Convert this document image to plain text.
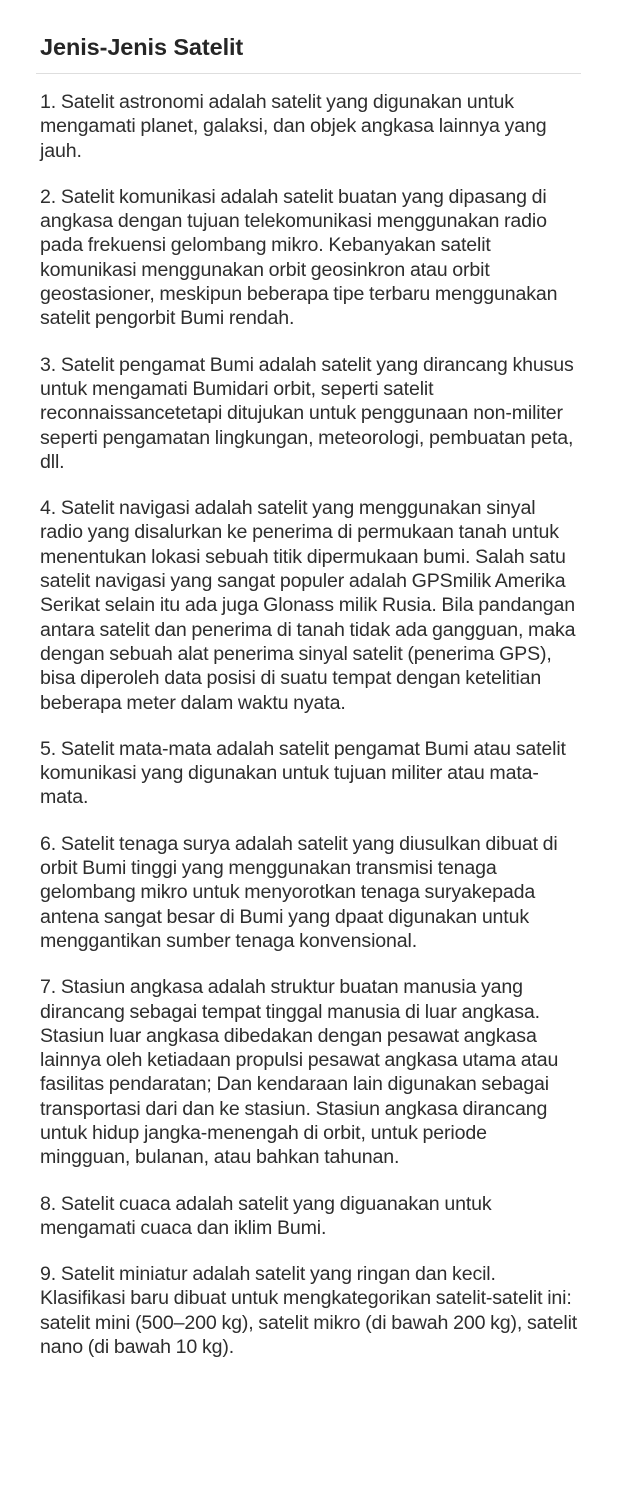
Jenis-Jenis Satelit
1. Satelit astronomi adalah satelit yang digunakan untuk mengamati planet, galaksi, dan objek angkasa lainnya yang jauh.
2. Satelit komunikasi adalah satelit buatan yang dipasang di angkasa dengan tujuan telekomunikasi menggunakan radio pada frekuensi gelombang mikro. Kebanyakan satelit komunikasi menggunakan orbit geosinkron atau orbit geostasioner, meskipun beberapa tipe terbaru menggunakan satelit pengorbit Bumi rendah.
3. Satelit pengamat Bumi adalah satelit yang dirancang khusus untuk mengamati Bumidari orbit, seperti satelit reconnaissancetetapi ditujukan untuk penggunaan non-militer seperti pengamatan lingkungan, meteorologi, pembuatan peta, dll.
4. Satelit navigasi adalah satelit yang menggunakan sinyal radio yang disalurkan ke penerima di permukaan tanah untuk menentukan lokasi sebuah titik dipermukaan bumi. Salah satu satelit navigasi yang sangat populer adalah GPSmilik Amerika Serikat selain itu ada juga Glonass milik Rusia. Bila pandangan antara satelit dan penerima di tanah tidak ada gangguan, maka dengan sebuah alat penerima sinyal satelit (penerima GPS), bisa diperoleh data posisi di suatu tempat dengan ketelitian beberapa meter dalam waktu nyata.
5. Satelit mata-mata adalah satelit pengamat Bumi atau satelit komunikasi yang digunakan untuk tujuan militer atau mata-mata.
6. Satelit tenaga surya adalah satelit yang diusulkan dibuat di orbit Bumi tinggi yang menggunakan transmisi tenaga gelombang mikro untuk menyorotkan tenaga suryakepada antena sangat besar di Bumi yang dpaat digunakan untuk menggantikan sumber tenaga konvensional.
7. Stasiun angkasa adalah struktur buatan manusia yang dirancang sebagai tempat tinggal manusia di luar angkasa. Stasiun luar angkasa dibedakan dengan pesawat angkasa lainnya oleh ketiadaan propulsi pesawat angkasa utama atau fasilitas pendaratan; Dan kendaraan lain digunakan sebagai transportasi dari dan ke stasiun. Stasiun angkasa dirancang untuk hidup jangka-menengah di orbit, untuk periode mingguan, bulanan, atau bahkan tahunan.
8. Satelit cuaca adalah satelit yang diguanakan untuk mengamati cuaca dan iklim Bumi.
9. Satelit miniatur adalah satelit yang ringan dan kecil. Klasifikasi baru dibuat untuk mengkategorikan satelit-satelit ini: satelit mini (500–200 kg), satelit mikro (di bawah 200 kg), satelit nano (di bawah 10 kg).
